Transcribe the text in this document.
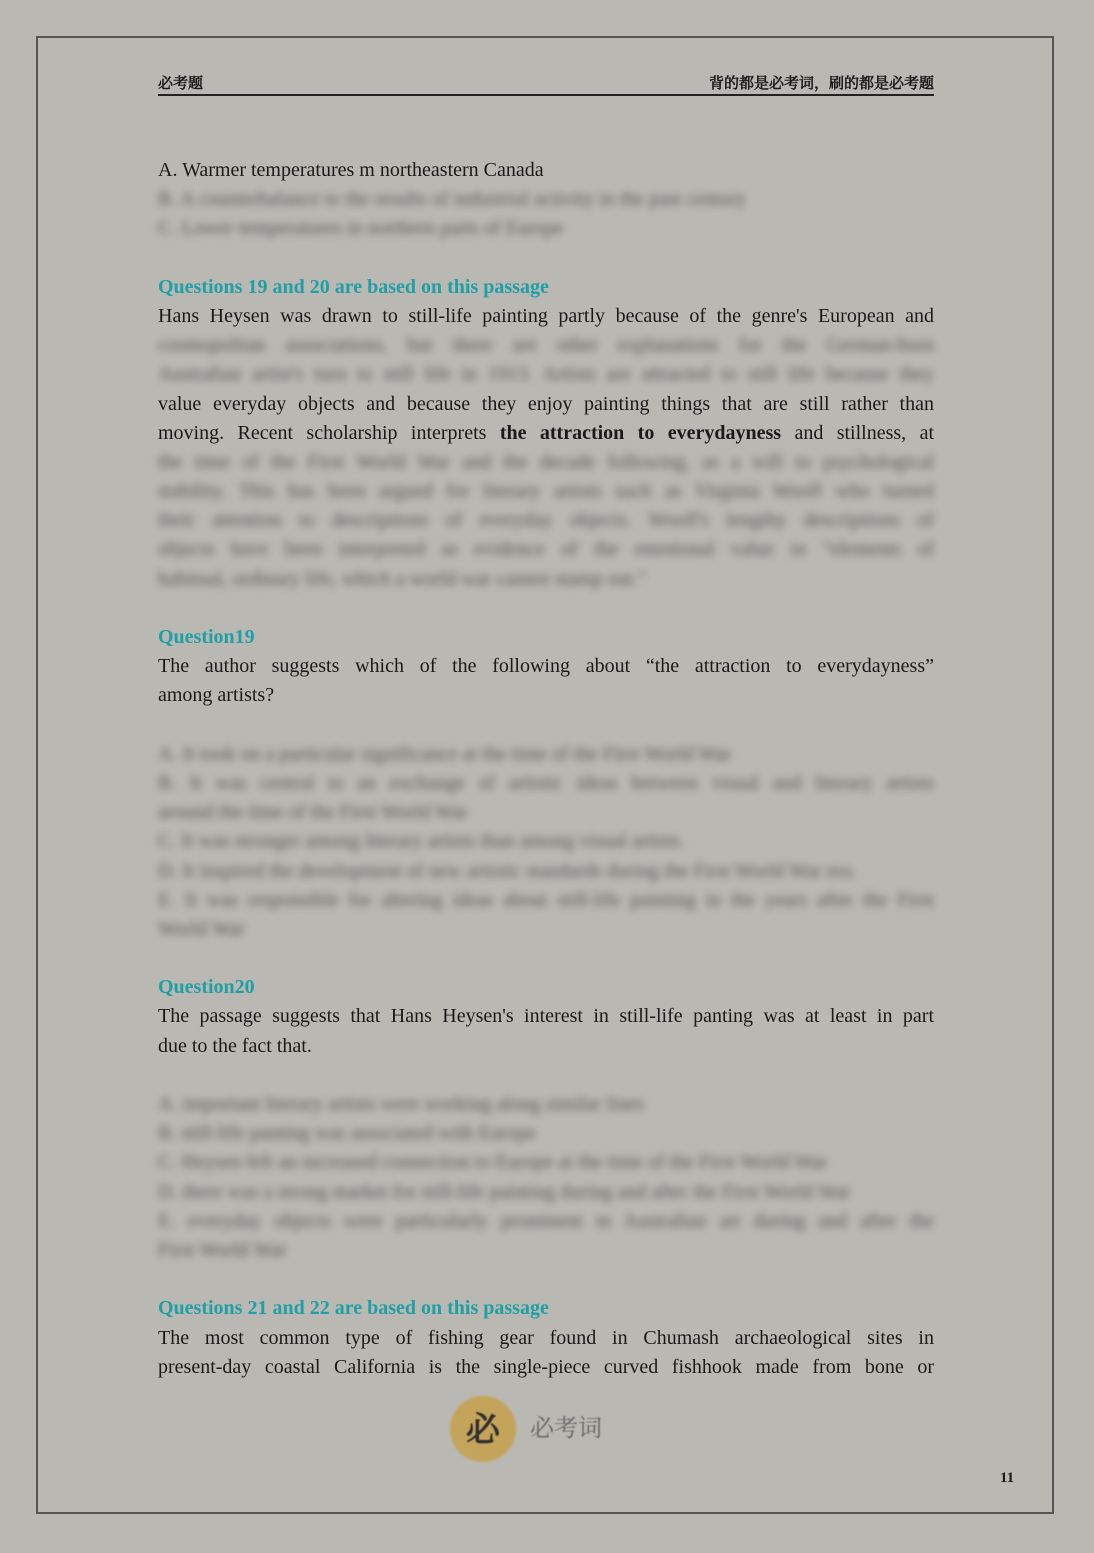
必考题	背的都是必考词，刷的都是必考题
A. Warmer temperatures m northeastern Canada
B. A counterbalance to the results of industrial activity in the past century
C. Lower temperatures in northern parts of Europe
Questions 19 and 20 are based on this passage
Hans Heysen was drawn to still-life painting partly because of the genre's European and
cosmopolitan associations, but there are other explanations for the German-born
Australian artist's turn to still life in 1913. Artists are attracted to still life because they
value everyday objects and because they enjoy painting things that are still rather than
moving. Recent scholarship interprets the attraction to everydayness and stillness, at
the time of the First World War and the decade following, as a will to psychological
stability. This has been argued for literary artists such as Virginia Woolf who turned
their attention to descriptions of everyday objects. Woolf's lengthy descriptions of
objects have been interpreted as evidence of the emotional value in "elements of
habitual, ordinary life, which a world war cannot stamp out."
Question19
The author suggests which of the following about “the attraction to everydayness”
among artists?
A. It took on a particular significance at the time of the First World War
B. It was central to an exchange of artistic ideas between visual and literary artists
around the time of the First World War
C. It was stronger among literary artists than among visual artists.
D. It inspired the development of new artistic standards during the First World War era.
E. It was responsible for altering ideas about still-life painting in the years after the First
World War
Question20
The passage suggests that Hans Heysen's interest in still-life panting was at least in part
due to the fact that.
A. important literary artists were working along similar lines
B. still-life panting was associated with Europe
C. Heysen felt an increased connection to Europe at the time of the First World War
D. there was a strong market for still-life painting during and after the First World War
E. everyday objects were particularly prominent in Australian art during and after the
First World War
Questions 21 and 22 are based on this passage
The most common type of fishing gear found in Chumash archaeological sites in
present-day coastal California is the single-piece curved fishhook made from bone or
必	必考词
11
